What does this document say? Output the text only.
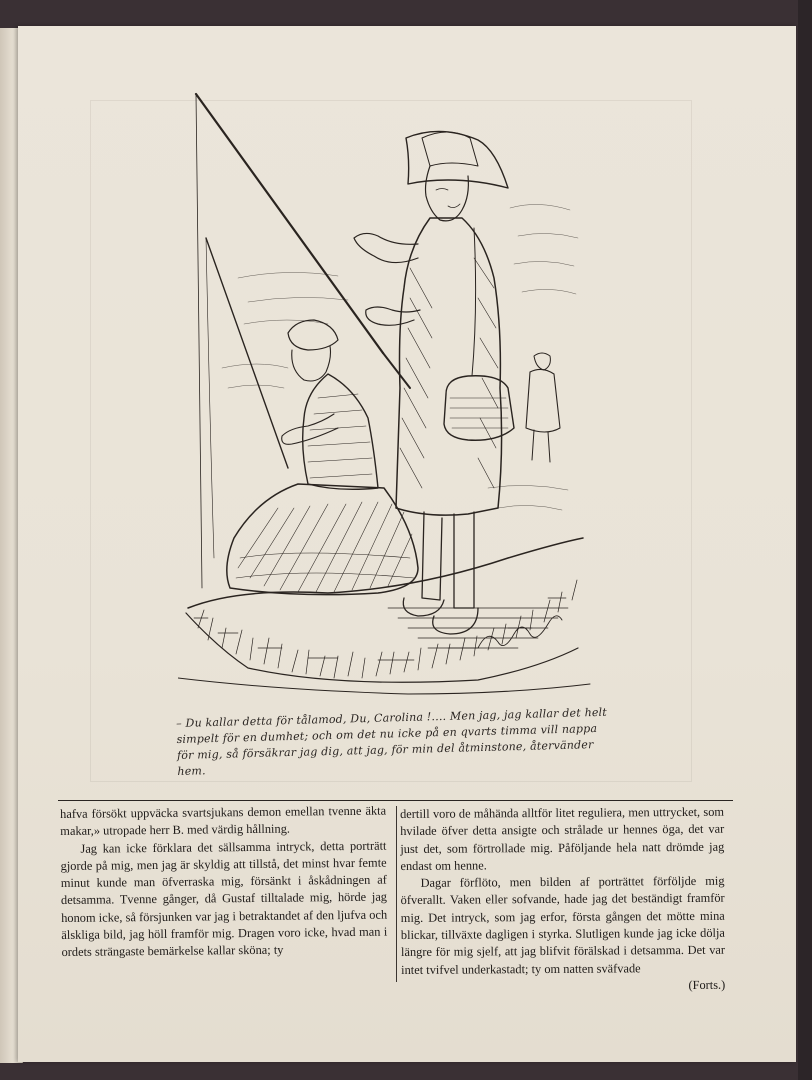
– Du kallar detta för tålamod, Du, Carolina !.... Men jag, jag kallar det helt simpelt för en dumhet; och om det nu icke på en qvarts timma vill nappa för mig, så försäkrar jag dig, att jag, för min del åtminstone, återvänder hem.

hafva försökt uppväcka svartsjukans demon emellan tvenne äkta makar,» utropade herr B. med värdig hållning.

Jag kan icke förklara det sällsamma intryck, detta porträtt gjorde på mig, men jag är skyldig att tillstå, det minst hvar femte minut kunde man öfverraska mig, försänkt i åskådningen af detsamma. Tvenne gånger, då Gustaf tilltalade mig, hörde jag honom icke, så försjunken var jag i betraktandet af den ljufva och älskliga bild, jag höll framför mig. Dragen voro icke, hvad man i ordets strängaste bemärkelse kallar sköna; ty

dertill voro de måhända alltför litet reguliera, men uttrycket, som hvilade öfver detta ansigte och strålade ur hennes öga, det var just det, som förtrollade mig. Påföljande hela natt drömde jag endast om henne.

Dagar förflöto, men bilden af porträttet förföljde mig öfverallt. Vaken eller sofvande, hade jag det beständigt framför mig. Det intryck, som jag erfor, första gången det mötte mina blickar, tillväxte dagligen i styrka. Slutligen kunde jag icke dölja längre för mig sjelf, att jag blifvit förälskad i detsamma. Det var intet tvifvel underkastadt; ty om natten sväfvade

(Forts.)
